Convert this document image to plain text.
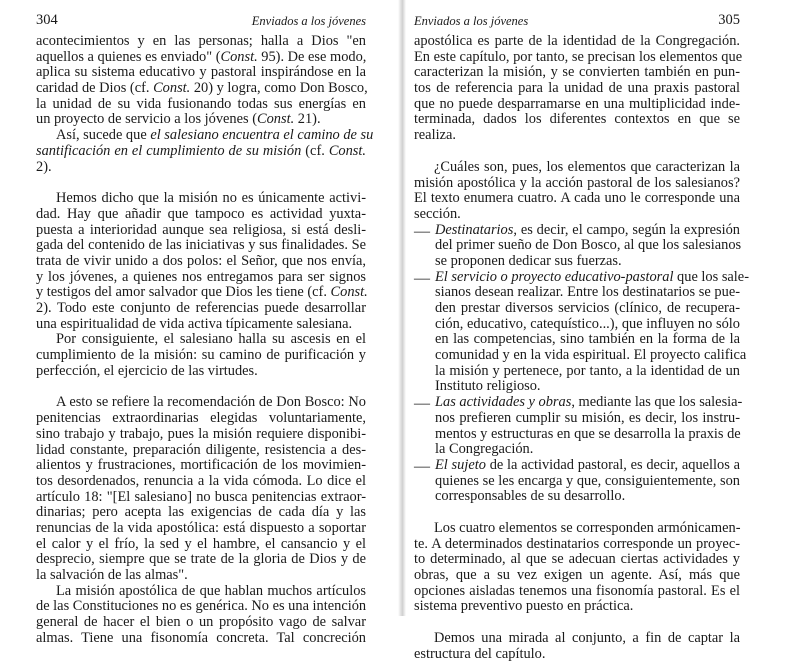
304	Enviados a los jóvenes
acontecimientos y en las personas; halla a Dios "en
aquellos a quienes es enviado" (Const. 95). De ese modo,
aplica su sistema educativo y pastoral inspirándose en la
caridad de Dios (cf. Const. 20) y logra, como Don Bosco,
la unidad de su vida fusionando todas sus energías en
un proyecto de servicio a los jóvenes (Const. 21).
Así, sucede que el salesiano encuentra el camino de su
santificación en el cumplimiento de su misión (cf. Const.
2).
Hemos dicho que la misión no es únicamente activi-
dad. Hay que añadir que tampoco es actividad yuxta-
puesta a interioridad aunque sea religiosa, si está desli-
gada del contenido de las iniciativas y sus finalidades. Se
trata de vivir unido a dos polos: el Señor, que nos envía,
y los jóvenes, a quienes nos entregamos para ser signos
y testigos del amor salvador que Dios les tiene (cf. Const.
2). Todo este conjunto de referencias puede desarrollar
una espiritualidad de vida activa típicamente salesiana.
Por consiguiente, el salesiano halla su ascesis en el
cumplimiento de la misión: su camino de purificación y
perfección, el ejercicio de las virtudes.
A esto se refiere la recomendación de Don Bosco: No
penitencias extraordinarias elegidas voluntariamente,
sino trabajo y trabajo, pues la misión requiere disponibi-
lidad constante, preparación diligente, resistencia a des-
alientos y frustraciones, mortificación de los movimien-
tos desordenados, renuncia a la vida cómoda. Lo dice el
artículo 18: "[El salesiano] no busca penitencias extraor-
dinarias; pero acepta las exigencias de cada día y las
renuncias de la vida apostólica: está dispuesto a soportar
el calor y el frío, la sed y el hambre, el cansancio y el
desprecio, siempre que se trate de la gloria de Dios y de
la salvación de las almas".
La misión apostólica de que hablan muchos artículos
de las Constituciones no es genérica. No es una intención
general de hacer el bien o un propósito vago de salvar
almas. Tiene una fisonomía concreta. Tal concreción
Enviados a los jóvenes	305
apostólica es parte de la identidad de la Congregación.
En este capítulo, por tanto, se precisan los elementos que
caracterizan la misión, y se convierten también en pun-
tos de referencia para la unidad de una praxis pastoral
que no puede desparramarse en una multiplicidad inde-
terminada, dados los diferentes contextos en que se
realiza.
¿Cuáles son, pues, los elementos que caracterizan la
misión apostólica y la acción pastoral de los salesianos?
El texto enumera cuatro. A cada uno le corresponde una
sección.
— Destinatarios, es decir, el campo, según la expresión
del primer sueño de Don Bosco, al que los salesianos
se proponen dedicar sus fuerzas.
— El servicio o proyecto educativo-pastoral que los sale-
sianos desean realizar. Entre los destinatarios se pue-
den prestar diversos servicios (clínico, de recupera-
ción, educativo, catequístico...), que influyen no sólo
en las competencias, sino también en la forma de la
comunidad y en la vida espiritual. El proyecto califica
la misión y pertenece, por tanto, a la identidad de un
Instituto religioso.
— Las actividades y obras, mediante las que los salesia-
nos prefieren cumplir su misión, es decir, los instru-
mentos y estructuras en que se desarrolla la praxis de
la Congregación.
— El sujeto de la actividad pastoral, es decir, aquellos a
quienes se les encarga y que, consiguientemente, son
corresponsables de su desarrollo.
Los cuatro elementos se corresponden armónicamen-
te. A determinados destinatarios corresponde un proyec-
to determinado, al que se adecuan ciertas actividades y
obras, que a su vez exigen un agente. Así, más que
opciones aisladas tenemos una fisonomía pastoral. Es el
sistema preventivo puesto en práctica.
Demos una mirada al conjunto, a fin de captar la
estructura del capítulo.
